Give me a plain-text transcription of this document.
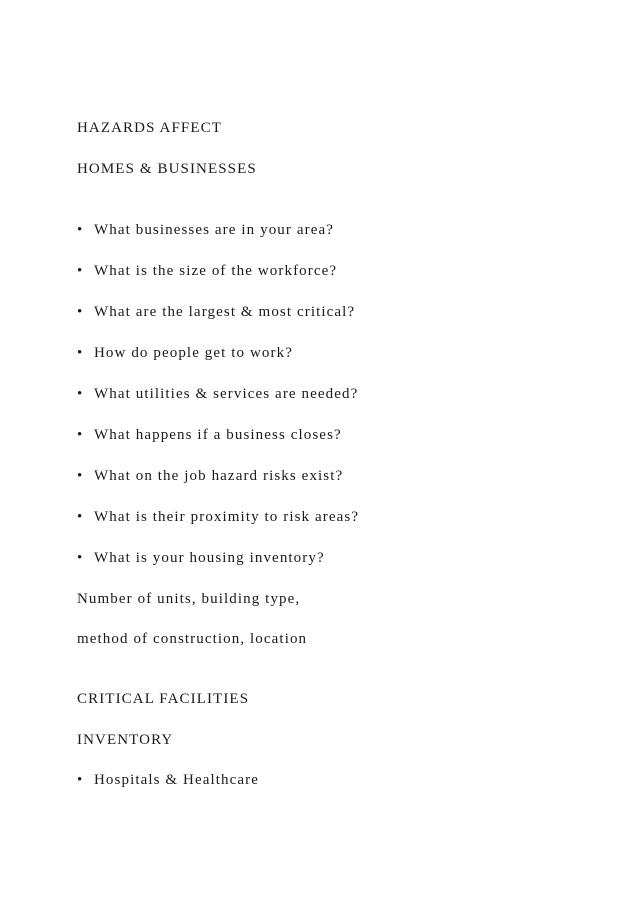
HAZARDS AFFECT
HOMES & BUSINESSES
• What businesses are in your area?
• What is the size of the workforce?
• What are the largest & most critical?
• How do people get to work?
• What utilities & services are needed?
• What happens if a business closes?
• What on the job hazard risks exist?
• What is their proximity to risk areas?
• What is your housing inventory?
Number of units, building type,
method of construction, location
CRITICAL FACILITIES
INVENTORY
• Hospitals & Healthcare
